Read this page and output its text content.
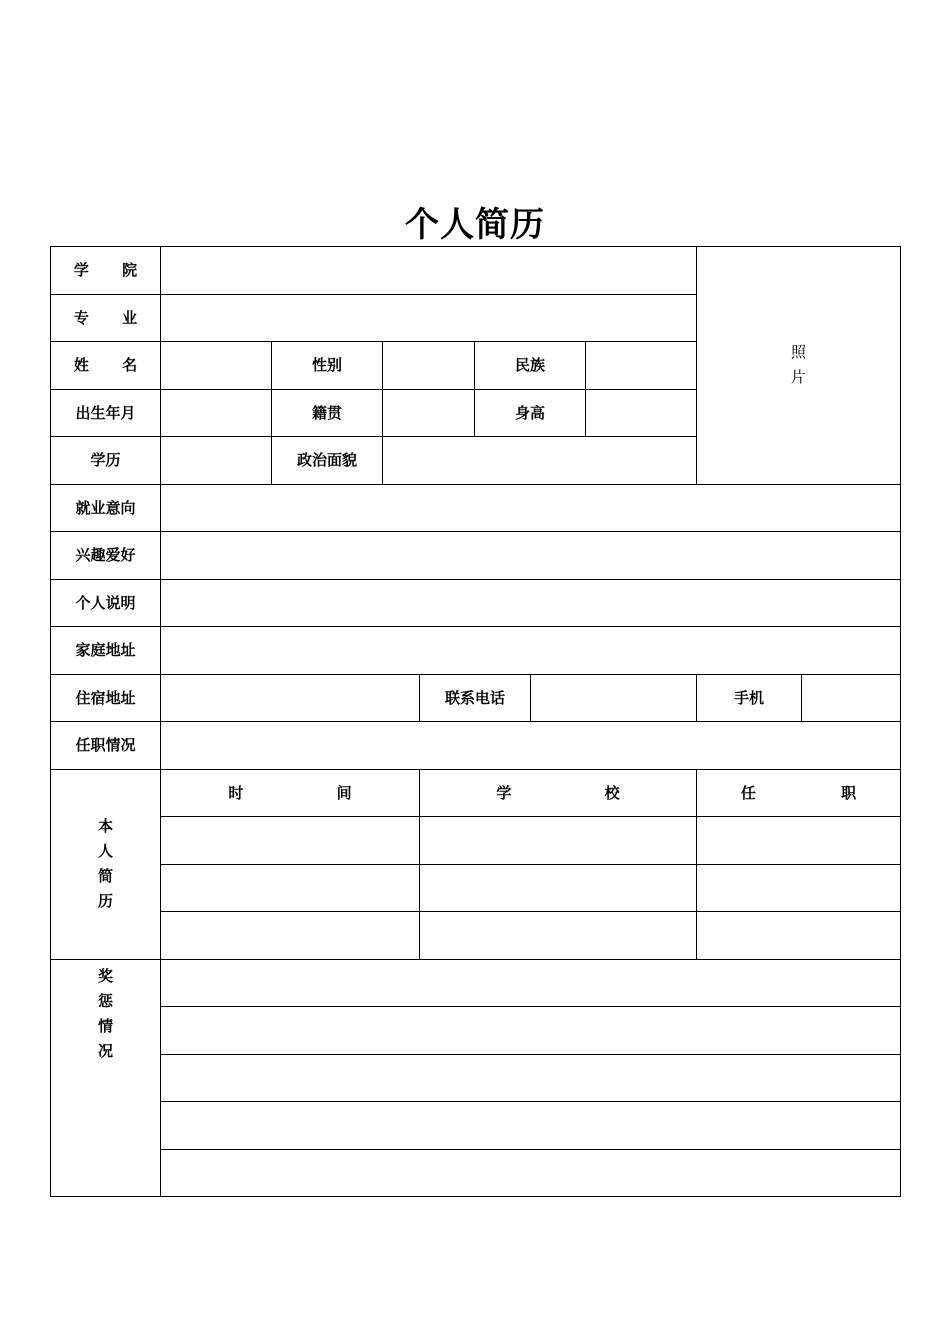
个人简历
学 院								照片	

专 业									
姓 名		性别			民族				
出生年月		籍贯			身高				
学历		政治面貌							
就业意向									
兴趣爱好									
个人说明									
家庭地址									
住宿地址				联系电话				手机	
任职情况									

本人简历	时 间			学 校				任 职	

奖惩情况									
